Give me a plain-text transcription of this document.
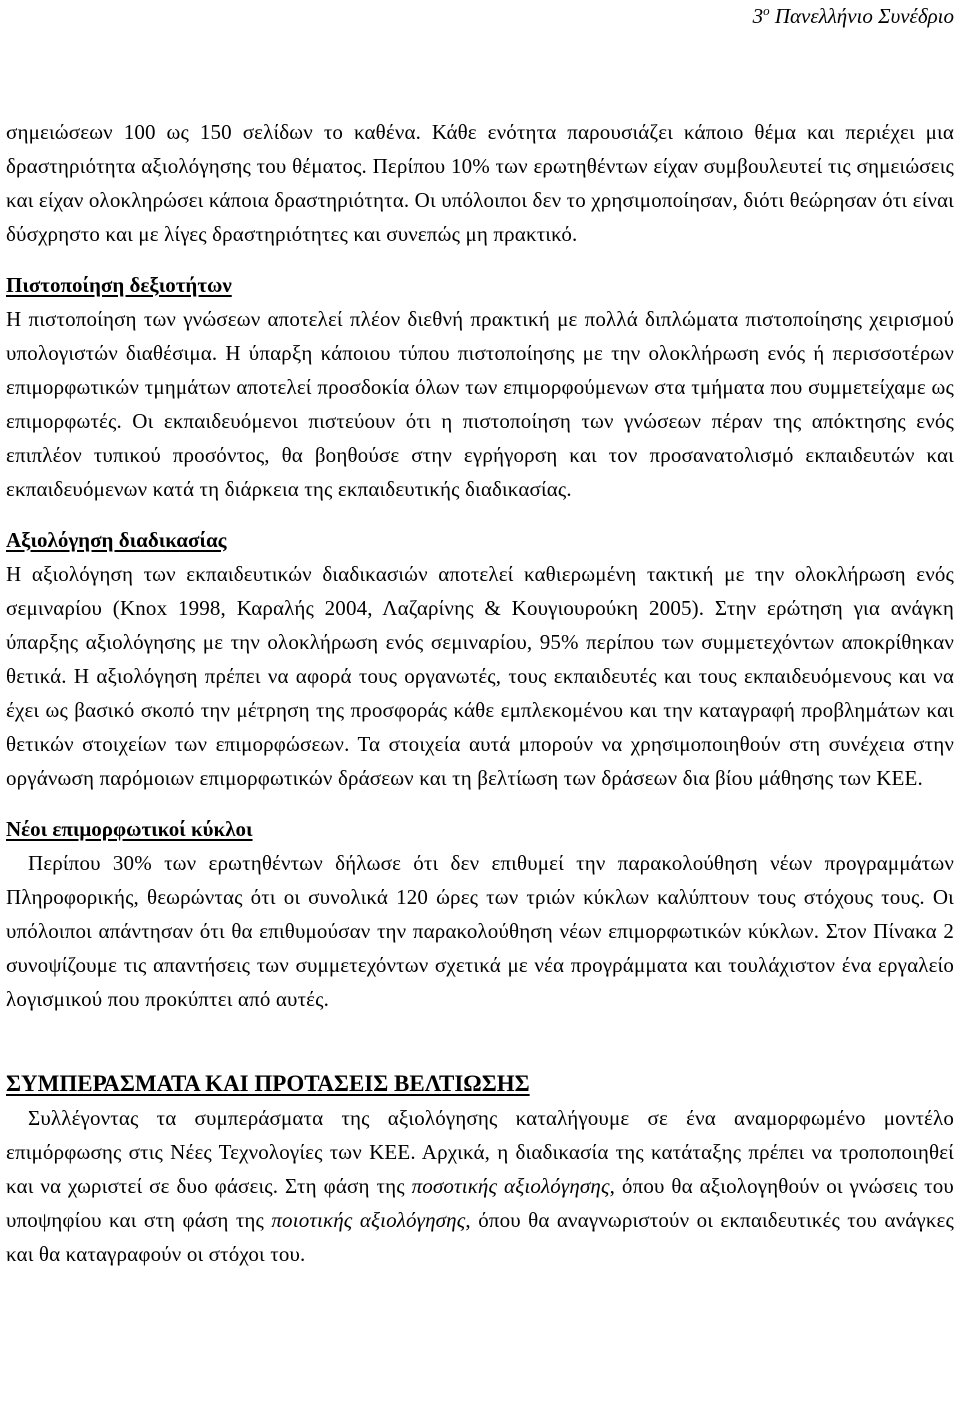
$3^o$ Πανελλήνιο Συνέδριο

σημειώσεων 100 ως 150 σελίδων το καθένα. Κάθε ενότητα παρουσιάζει κάποιο θέμα και περιέχει μια δραστηριότητα αξιολόγησης του θέματος. Περίπου 10% των ερωτηθέντων είχαν συμβουλευτεί τις σημειώσεις και είχαν ολοκληρώσει κάποια δραστηριότητα. Οι υπόλοιποι δεν το χρησιμοποίησαν, διότι θεώρησαν ότι είναι δύσχρηστο και με λίγες δραστηριότητες και συνεπώς μη πρακτικό.

Πιστοποίηση δεξιοτήτων

Η πιστοποίηση των γνώσεων αποτελεί πλέον διεθνή πρακτική με πολλά διπλώματα πιστοποίησης χειρισμού υπολογιστών διαθέσιμα. Η ύπαρξη κάποιου τύπου πιστοποίησης με την ολοκλήρωση ενός ή περισσοτέρων επιμορφωτικών τμημάτων αποτελεί προσδοκία όλων των επιμορφούμενων στα τμήματα που συμμετείχαμε ως επιμορφωτές. Οι εκπαιδευόμενοι πιστεύουν ότι η πιστοποίηση των γνώσεων πέραν της απόκτησης ενός επιπλέον τυπικού προσόντος, θα βοηθούσε στην εγρήγορση και τον προσανατολισμό εκπαιδευτών και εκπαιδευόμενων κατά τη διάρκεια της εκπαιδευτικής διαδικασίας.

Αξιολόγηση διαδικασίας

Η αξιολόγηση των εκπαιδευτικών διαδικασιών αποτελεί καθιερωμένη τακτική με την ολοκλήρωση ενός σεμιναρίου (Knox 1998, Καραλής 2004, Λαζαρίνης & Κουγιουρούκη 2005). Στην ερώτηση για ανάγκη ύπαρξης αξιολόγησης με την ολοκλήρωση ενός σεμιναρίου, 95% περίπου των συμμετεχόντων αποκρίθηκαν θετικά. Η αξιολόγηση πρέπει να αφορά τους οργανωτές, τους εκπαιδευτές και τους εκπαιδευόμενους και να έχει ως βασικό σκοπό την μέτρηση της προσφοράς κάθε εμπλεκομένου και την καταγραφή προβλημάτων και θετικών στοιχείων των επιμορφώσεων. Τα στοιχεία αυτά μπορούν να χρησιμοποιηθούν στη συνέχεια στην οργάνωση παρόμοιων επιμορφωτικών δράσεων και τη βελτίωση των δράσεων δια βίου μάθησης των ΚΕΕ.

Νέοι επιμορφωτικοί κύκλοι

Περίπου 30% των ερωτηθέντων δήλωσε ότι δεν επιθυμεί την παρακολούθηση νέων προγραμμάτων Πληροφορικής, θεωρώντας ότι οι συνολικά 120 ώρες των τριών κύκλων καλύπτουν τους στόχους τους. Οι υπόλοιποι απάντησαν ότι θα επιθυμούσαν την παρακολούθηση νέων επιμορφωτικών κύκλων. Στον Πίνακα 2 συνοψίζουμε τις απαντήσεις των συμμετεχόντων σχετικά με νέα προγράμματα και τουλάχιστον ένα εργαλείο λογισμικού που προκύπτει από αυτές.

ΣΥΜΠΕΡΑΣΜΑΤΑ ΚΑΙ ΠΡΟΤΑΣΕΙΣ ΒΕΛΤΙΩΣΗΣ

Συλλέγοντας τα συμπεράσματα της αξιολόγησης καταλήγουμε σε ένα αναμορφωμένο μοντέλο επιμόρφωσης στις Νέες Τεχνολογίες των ΚΕΕ. Αρχικά, η διαδικασία της κατάταξης πρέπει να τροποποιηθεί και να χωριστεί σε δυο φάσεις. Στη φάση της ποσοτικής αξιολόγησης, όπου θα αξιολογηθούν οι γνώσεις του υποψηφίου και στη φάση της ποιοτικής αξιολόγησης, όπου θα αναγνωριστούν οι εκπαιδευτικές του ανάγκες και θα καταγραφούν οι στόχοι του.
